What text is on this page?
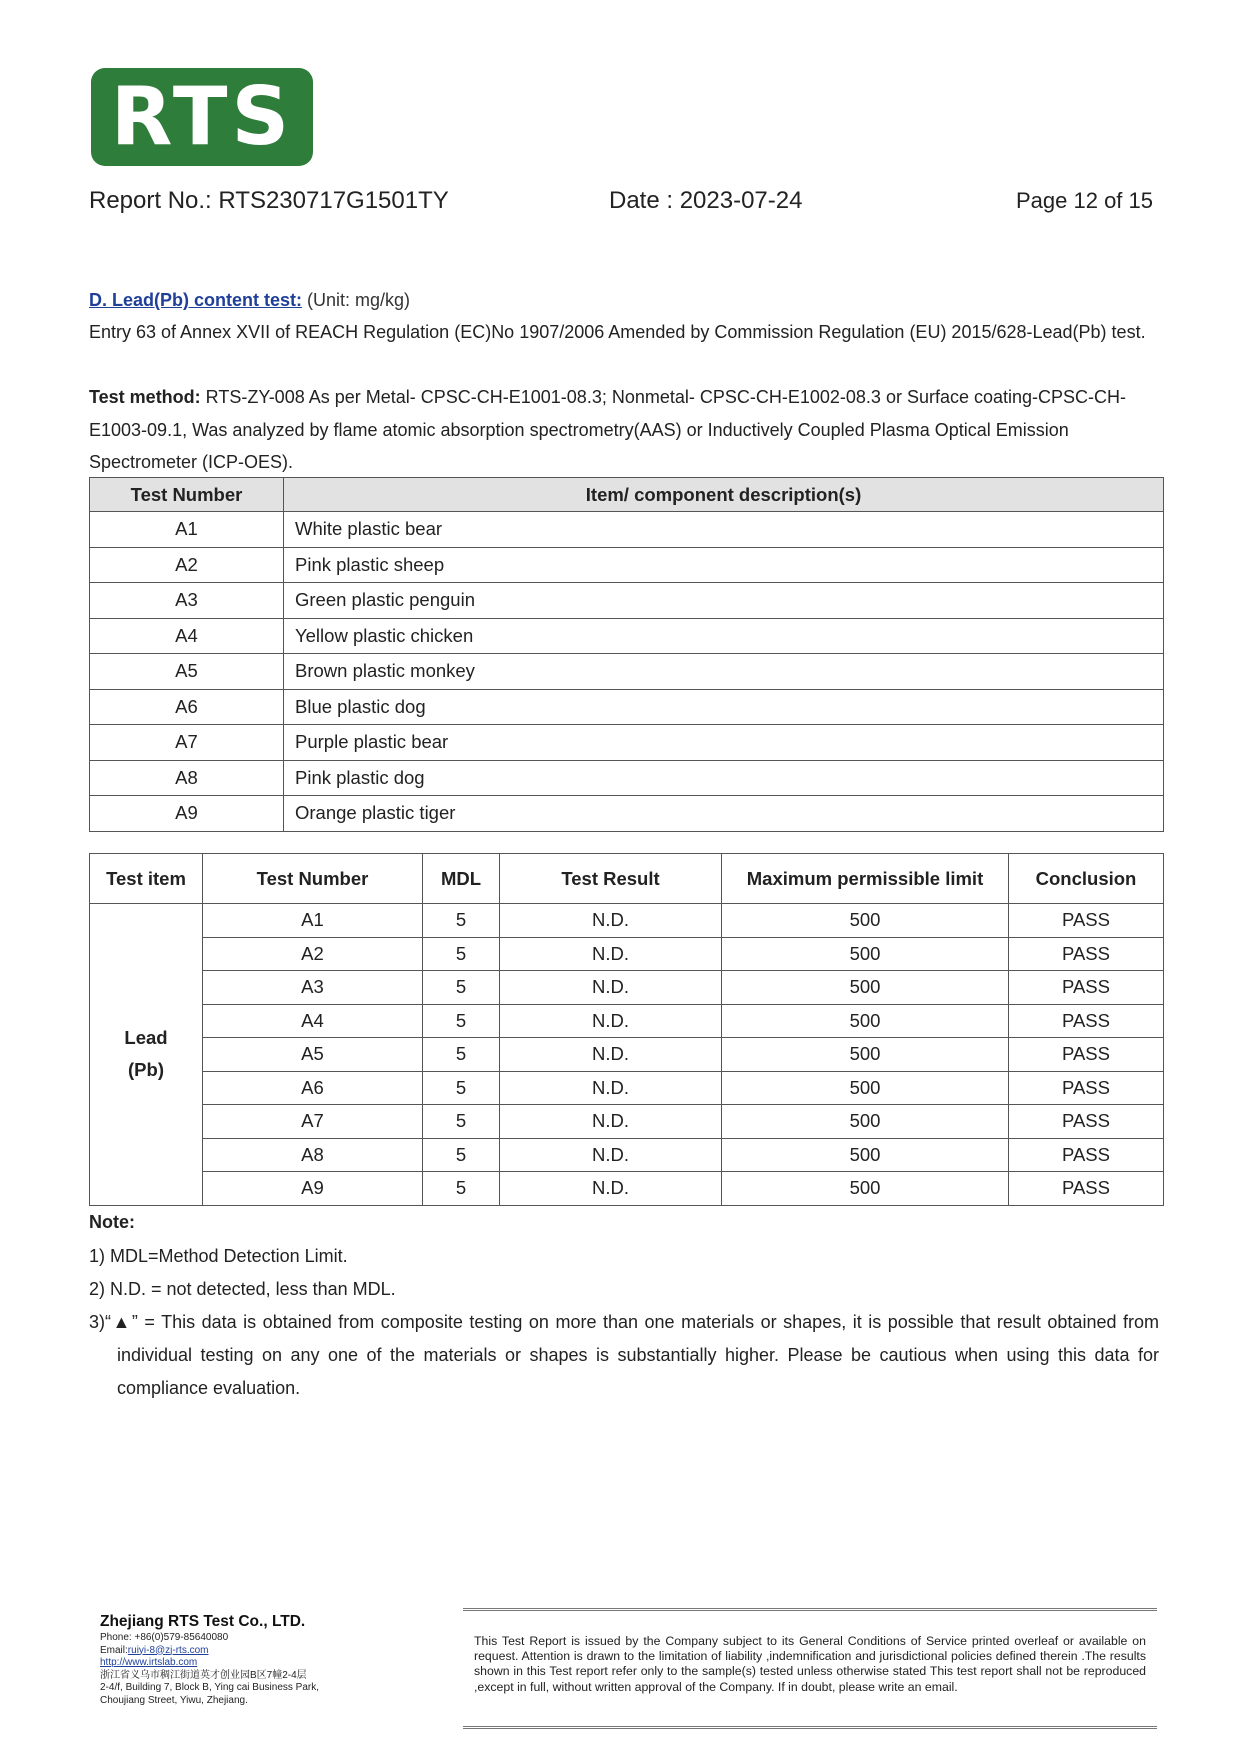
RTS
Report No.: RTS230717G1501TY	Date : 2023-07-24	Page 12 of 15
D. Lead(Pb) content test: (Unit: mg/kg)
Entry 63 of Annex XVII of REACH Regulation (EC)No 1907/2006 Amended by Commission Regulation (EU) 2015/628-Lead(Pb) test.
Test method: RTS-ZY-008 As per Metal- CPSC-CH-E1001-08.3; Nonmetal- CPSC-CH-E1002-08.3 or Surface coating-CPSC-CH-E1003-09.1, Was analyzed by flame atomic absorption spectrometry(AAS) or Inductively Coupled Plasma Optical Emission Spectrometer (ICP-OES).
Test Number	Item/ component description(s)
A1	White plastic bear
A2	Pink plastic sheep
A3	Green plastic penguin
A4	Yellow plastic chicken
A5	Brown plastic monkey
A6	Blue plastic dog
A7	Purple plastic bear
A8	Pink plastic dog
A9	Orange plastic tiger
Test item	Test Number	MDL	Test Result	Maximum permissible limit	Conclusion

Lead
(Pb)	A1	5	N.D.	500	PASS
	A2	5	N.D.	500	PASS
	A3	5	N.D.	500	PASS
	A4	5	N.D.	500	PASS
	A5	5	N.D.	500	PASS
	A6	5	N.D.	500	PASS
	A7	5	N.D.	500	PASS
	A8	5	N.D.	500	PASS
	A9	5	N.D.	500	PASS
Note:
1) MDL=Method Detection Limit.
2) N.D. = not detected, less than MDL.
3)“▲” = This data is obtained from composite testing on more than one materials or shapes, it is possible that result obtained from individual testing on any one of the materials or shapes is substantially higher. Please be cautious when using this data for compliance evaluation.
Zhejiang RTS Test Co., LTD.
Phone: +86(0)579-85640080
Email:ruiyi-8@zj-rts.com
http://www.irtslab.com
浙江省义乌市稠江街道英才创业园B区7幢2-4层
2-4/f, Building 7, Block B, Ying cai Business Park,
Choujiang Street, Yiwu, Zhejiang.
This Test Report is issued by the Company subject to its General Conditions of Service printed overleaf or available on request. Attention is drawn to the limitation of liability ,indemnification and jurisdictional policies defined therein .The results shown in this Test report refer only to the sample(s) tested unless otherwise stated This test report shall not be reproduced ,except in full, without written approval of the Company. If in doubt, please write an email.
